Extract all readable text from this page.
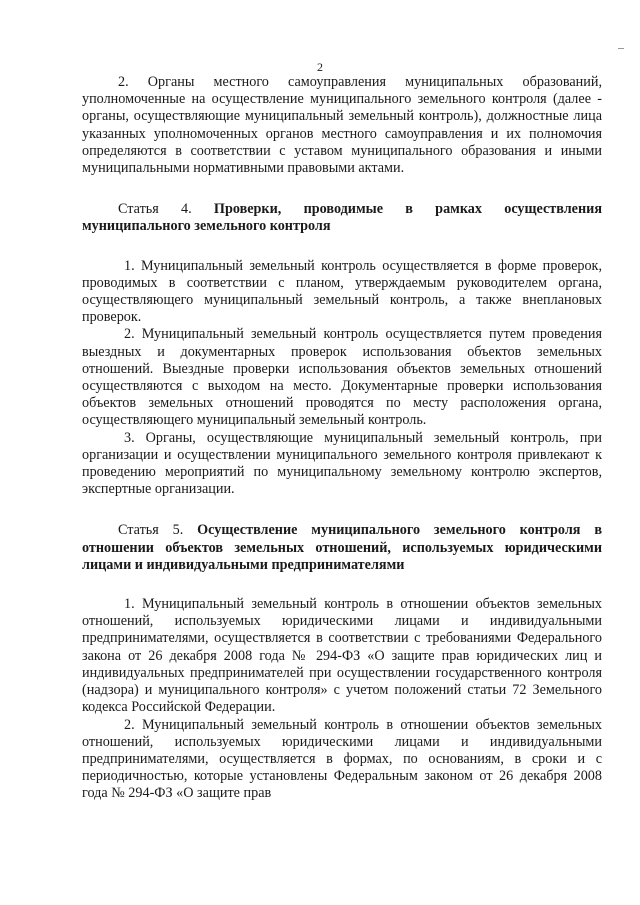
2

2. Органы местного самоуправления муниципальных образований, уполномоченные на осуществление муниципального земельного контроля (далее - органы, осуществляющие муниципальный земельный контроль), должностные лица указанных уполномоченных органов местного самоуправления и их полномочия определяются в соответствии с уставом муниципального образования и иными муниципальными нормативными правовыми актами.

Статья 4. Проверки, проводимые в рамках осуществления муниципального земельного контроля

1. Муниципальный земельный контроль осуществляется в форме проверок, проводимых в соответствии с планом, утверждаемым руководителем органа, осуществляющего муниципальный земельный контроль, а также внеплановых проверок.

2. Муниципальный земельный контроль осуществляется путем проведения выездных и документарных проверок использования объектов земельных отношений. Выездные проверки использования объектов земельных отношений осуществляются с выходом на место. Документарные проверки использования объектов земельных отношений проводятся по месту расположения органа, осуществляющего муниципальный земельный контроль.

3. Органы, осуществляющие муниципальный земельный контроль, при организации и осуществлении муниципального земельного контроля привлекают к проведению мероприятий по муниципальному земельному контролю экспертов, экспертные организации.

Статья 5. Осуществление муниципального земельного контроля в отношении объектов земельных отношений, используемых юридическими лицами и индивидуальными предпринимателями

1. Муниципальный земельный контроль в отношении объектов земельных отношений, используемых юридическими лицами и индивидуальными предпринимателями, осуществляется в соответствии с требованиями Федерального закона от 26 декабря 2008 года № 294-ФЗ «О защите прав юридических лиц и индивидуальных предпринимателей при осуществлении государственного контроля (надзора) и муниципального контроля» с учетом положений статьи 72 Земельного кодекса Российской Федерации.

2. Муниципальный земельный контроль в отношении объектов земельных отношений, используемых юридическими лицами и индивидуальными предпринимателями, осуществляется в формах, по основаниям, в сроки и с периодичностью, которые установлены Федеральным законом от 26 декабря 2008 года № 294-ФЗ «О защите прав
